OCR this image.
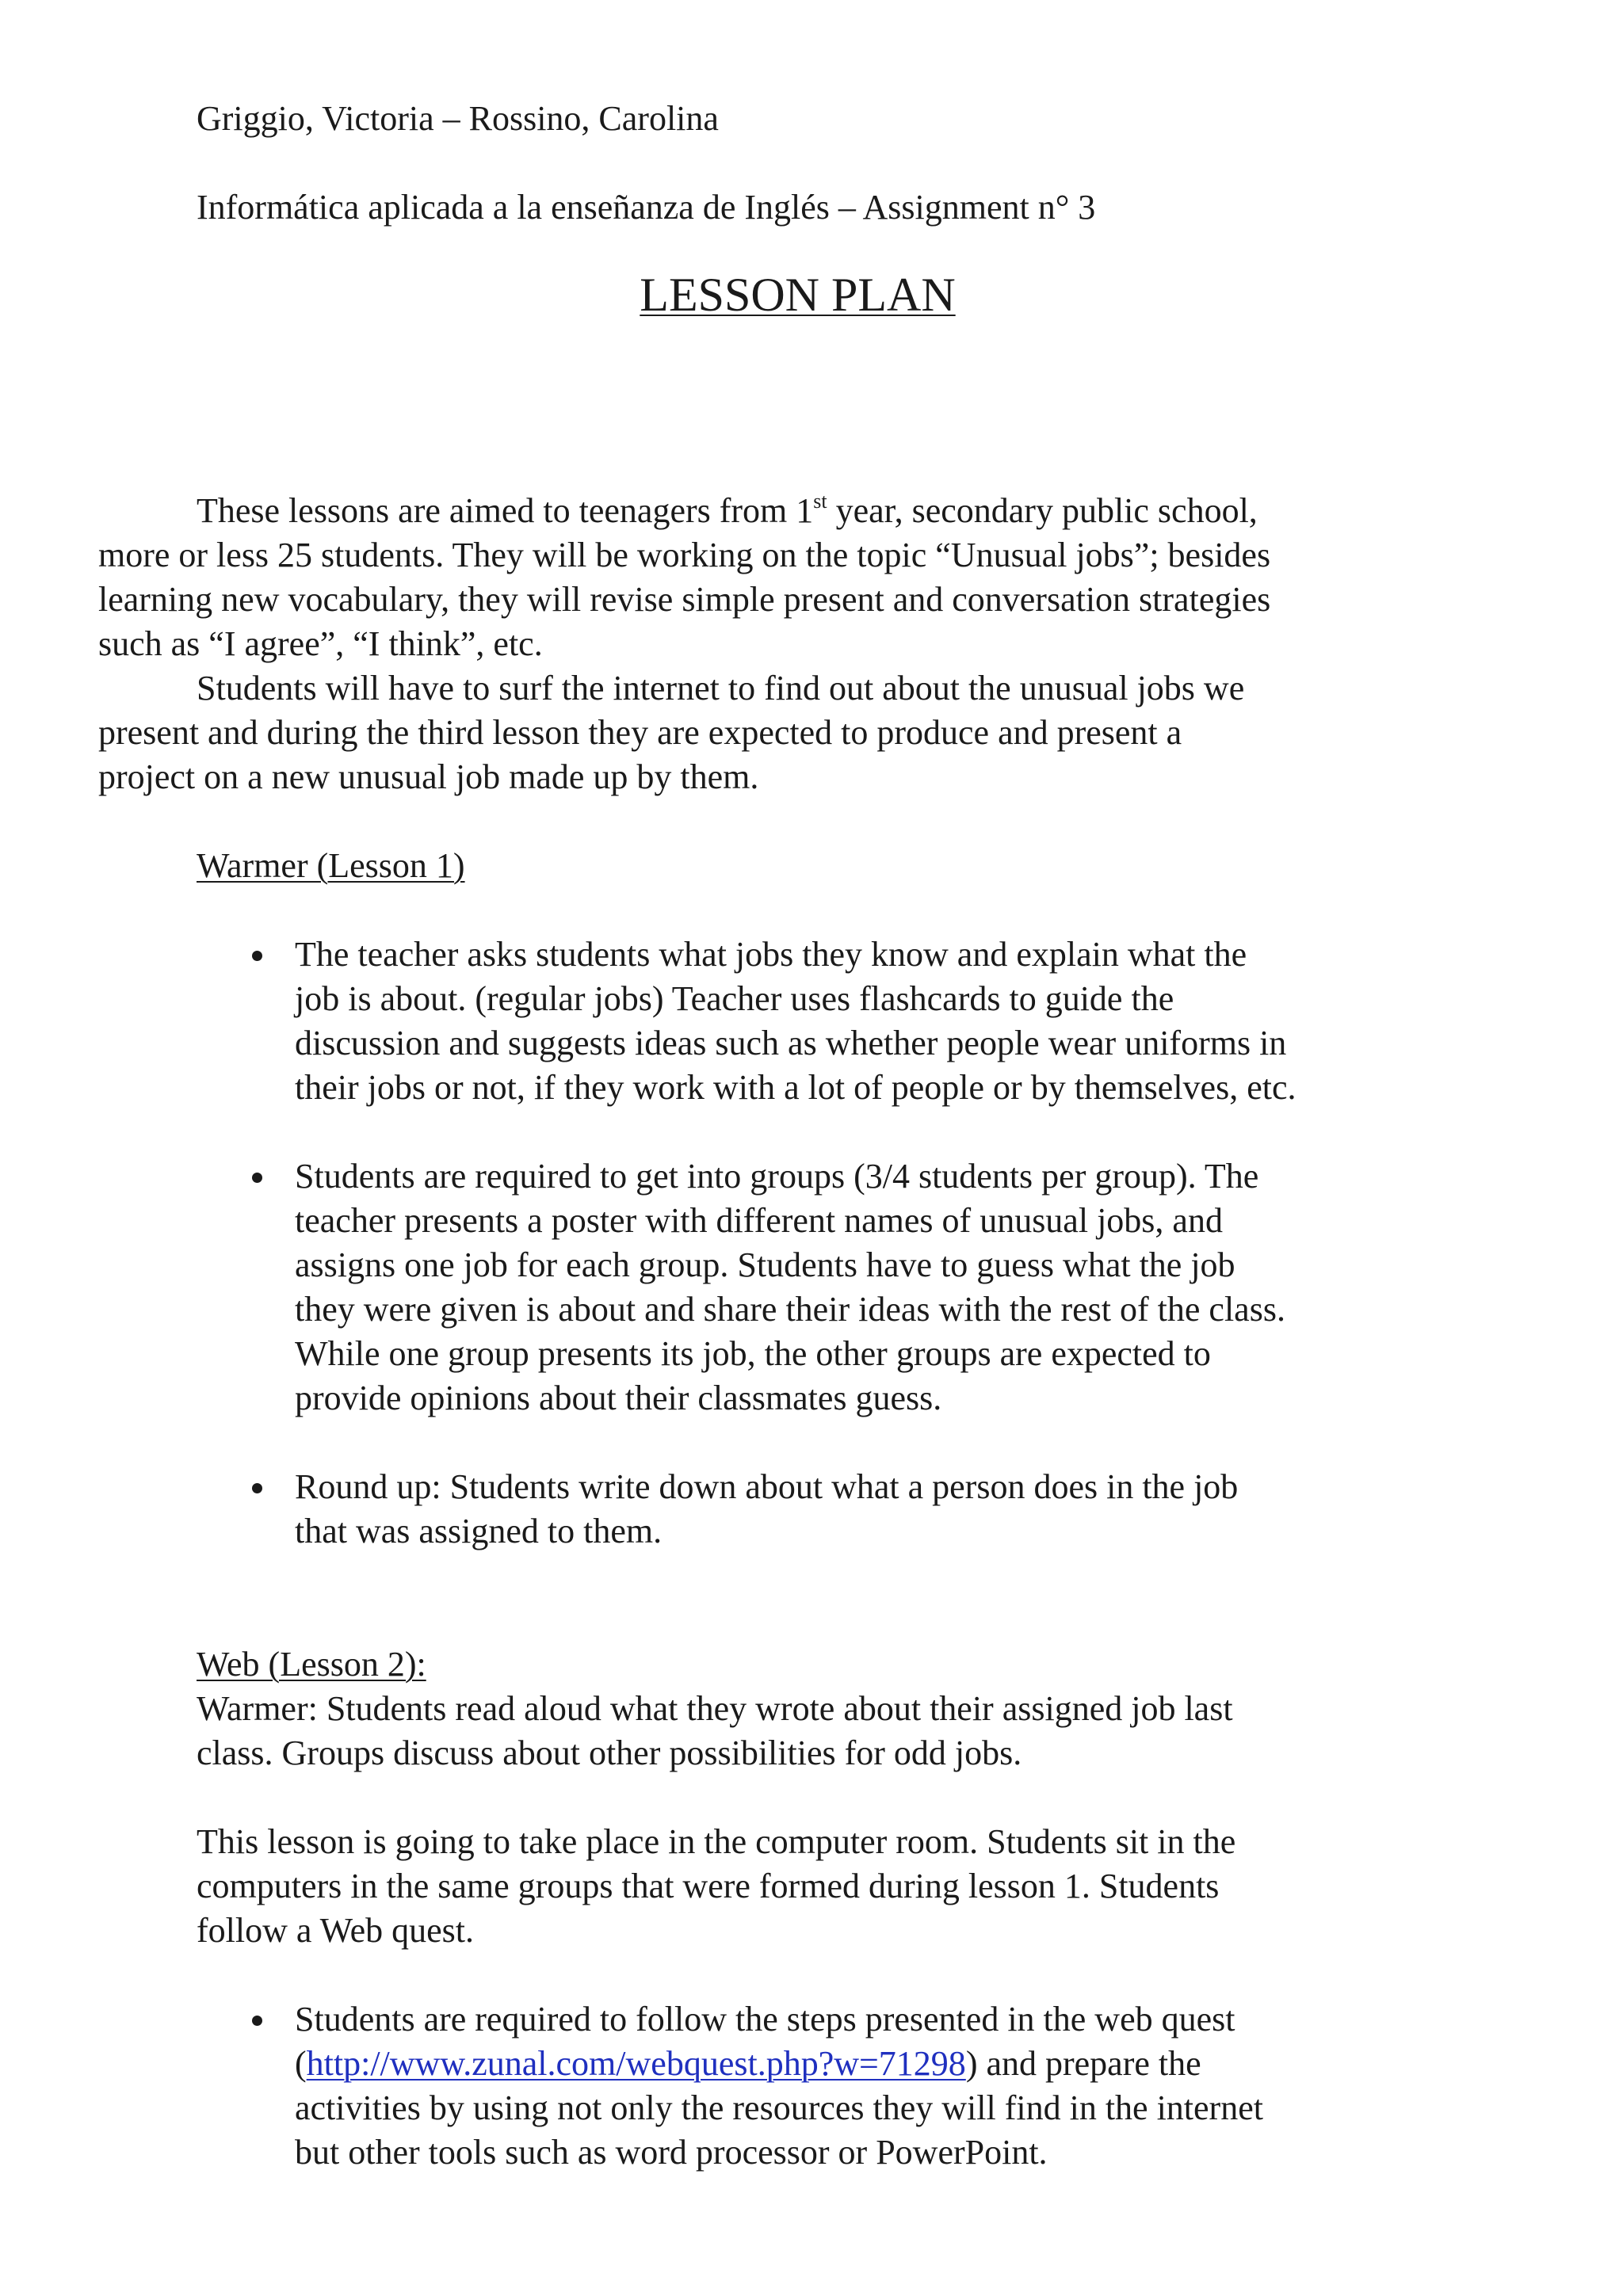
Griggio, Victoria – Rossino, Carolina
Informática aplicada a la enseñanza de Inglés – Assignment n° 3
LESSON PLAN
These lessons are aimed to teenagers from 1st year, secondary public school,
more or less 25 students. They will be working on the topic “Unusual jobs”; besides
learning new vocabulary, they will revise simple present and conversation strategies
such as “I agree”, “I think”, etc.
Students will have to surf the internet to find out about the unusual jobs we
present and during the third lesson they are expected to produce and present a
project on a new unusual job made up by them.
Warmer (Lesson 1)
The teacher asks students what jobs they know and explain what the
job is about. (regular jobs) Teacher uses flashcards to guide the
discussion and suggests ideas such as whether people wear uniforms in
their jobs or not, if they work with a lot of people or by themselves, etc.
Students are required to get into groups (3/4 students per group). The
teacher presents a poster with different names of unusual jobs, and
assigns one job for each group. Students have to guess what the job
they were given is about and share their ideas with the rest of the class.
While one group presents its job, the other groups are expected to
provide opinions about their classmates guess.
Round up: Students write down about what a person does in the job
that was assigned to them.
Web (Lesson 2):
Warmer: Students read aloud what they wrote about their assigned job last
class. Groups discuss about other possibilities for odd jobs.
This lesson is going to take place in the computer room. Students sit in the
computers in the same groups that were formed during lesson 1. Students
follow a Web quest.
Students are required to follow the steps presented in the web quest
(http://www.zunal.com/webquest.php?w=71298) and prepare the
activities by using not only the resources they will find in the internet
but other tools such as word processor or PowerPoint.
